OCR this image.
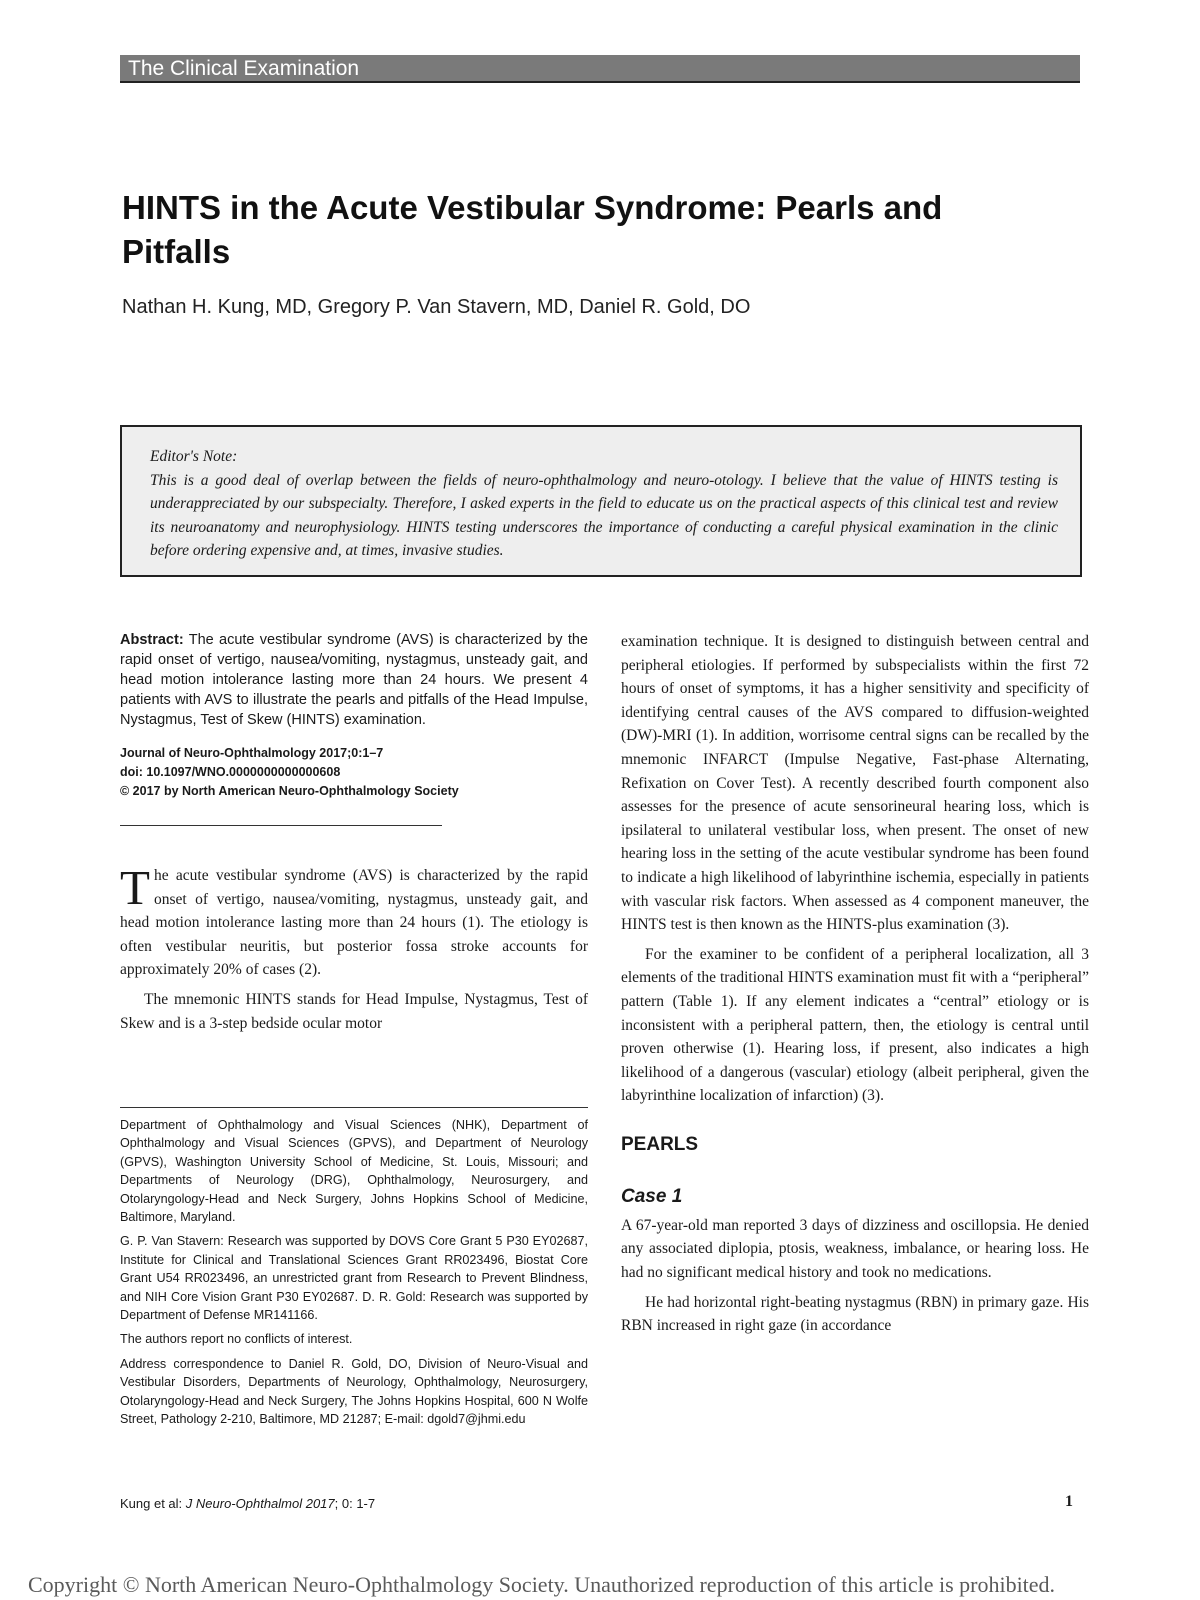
The Clinical Examination
HINTS in the Acute Vestibular Syndrome: Pearls and Pitfalls
Nathan H. Kung, MD, Gregory P. Van Stavern, MD, Daniel R. Gold, DO
Editor's Note:

This is a good deal of overlap between the fields of neuro-ophthalmology and neuro-otology. I believe that the value of HINTS testing is underappreciated by our subspecialty. Therefore, I asked experts in the field to educate us on the practical aspects of this clinical test and review its neuroanatomy and neurophysiology. HINTS testing underscores the importance of conducting a careful physical examination in the clinic before ordering expensive and, at times, invasive studies.

Abstract: The acute vestibular syndrome (AVS) is characterized by the rapid onset of vertigo, nausea/vomiting, nystagmus, unsteady gait, and head motion intolerance lasting more than 24 hours. We present 4 patients with AVS to illustrate the pearls and pitfalls of the Head Impulse, Nystagmus, Test of Skew (HINTS) examination.

Journal of Neuro-Ophthalmology 2017;0:1–7
doi: 10.1097/WNO.0000000000000608
© 2017 by North American Neuro-Ophthalmology Society

The acute vestibular syndrome (AVS) is characterized by the rapid onset of vertigo, nausea/vomiting, nystagmus, unsteady gait, and head motion intolerance lasting more than 24 hours (1). The etiology is often vestibular neuritis, but posterior fossa stroke accounts for approximately 20% of cases (2).

The mnemonic HINTS stands for Head Impulse, Nystagmus, Test of Skew and is a 3-step bedside ocular motor

Department of Ophthalmology and Visual Sciences (NHK), Department of Ophthalmology and Visual Sciences (GPVS), and Department of Neurology (GPVS), Washington University School of Medicine, St. Louis, Missouri; and Departments of Neurology (DRG), Ophthalmology, Neurosurgery, and Otolaryngology-Head and Neck Surgery, Johns Hopkins School of Medicine, Baltimore, Maryland.

G. P. Van Stavern: Research was supported by DOVS Core Grant 5 P30 EY02687, Institute for Clinical and Translational Sciences Grant RR023496, Biostat Core Grant U54 RR023496, an unrestricted grant from Research to Prevent Blindness, and NIH Core Vision Grant P30 EY02687. D. R. Gold: Research was supported by Department of Defense MR141166.

The authors report no conflicts of interest.

Address correspondence to Daniel R. Gold, DO, Division of Neuro-Visual and Vestibular Disorders, Departments of Neurology, Ophthalmology, Neurosurgery, Otolaryngology-Head and Neck Surgery, The Johns Hopkins Hospital, 600 N Wolfe Street, Pathology 2-210, Baltimore, MD 21287; E-mail: dgold7@jhmi.edu

examination technique. It is designed to distinguish between central and peripheral etiologies. If performed by subspecialists within the first 72 hours of onset of symptoms, it has a higher sensitivity and specificity of identifying central causes of the AVS compared to diffusion-weighted (DW)-MRI (1). In addition, worrisome central signs can be recalled by the mnemonic INFARCT (Impulse Negative, Fast-phase Alternating, Refixation on Cover Test). A recently described fourth component also assesses for the presence of acute sensorineural hearing loss, which is ipsilateral to unilateral vestibular loss, when present. The onset of new hearing loss in the setting of the acute vestibular syndrome has been found to indicate a high likelihood of labyrinthine ischemia, especially in patients with vascular risk factors. When assessed as 4 component maneuver, the HINTS test is then known as the HINTS-plus examination (3).

For the examiner to be confident of a peripheral localization, all 3 elements of the traditional HINTS examination must fit with a “peripheral” pattern (Table 1). If any element indicates a “central” etiology or is inconsistent with a peripheral pattern, then, the etiology is central until proven otherwise (1). Hearing loss, if present, also indicates a high likelihood of a dangerous (vascular) etiology (albeit peripheral, given the labyrinthine localization of infarction) (3).

PEARLS
Case 1

A 67-year-old man reported 3 days of dizziness and oscillopsia. He denied any associated diplopia, ptosis, weakness, imbalance, or hearing loss. He had no significant medical history and took no medications.

He had horizontal right-beating nystagmus (RBN) in primary gaze. His RBN increased in right gaze (in accordance

Kung et al: J Neuro-Ophthalmol 2017; 0: 1-7	1
Copyright © North American Neuro-Ophthalmology Society. Unauthorized reproduction of this article is prohibited.
